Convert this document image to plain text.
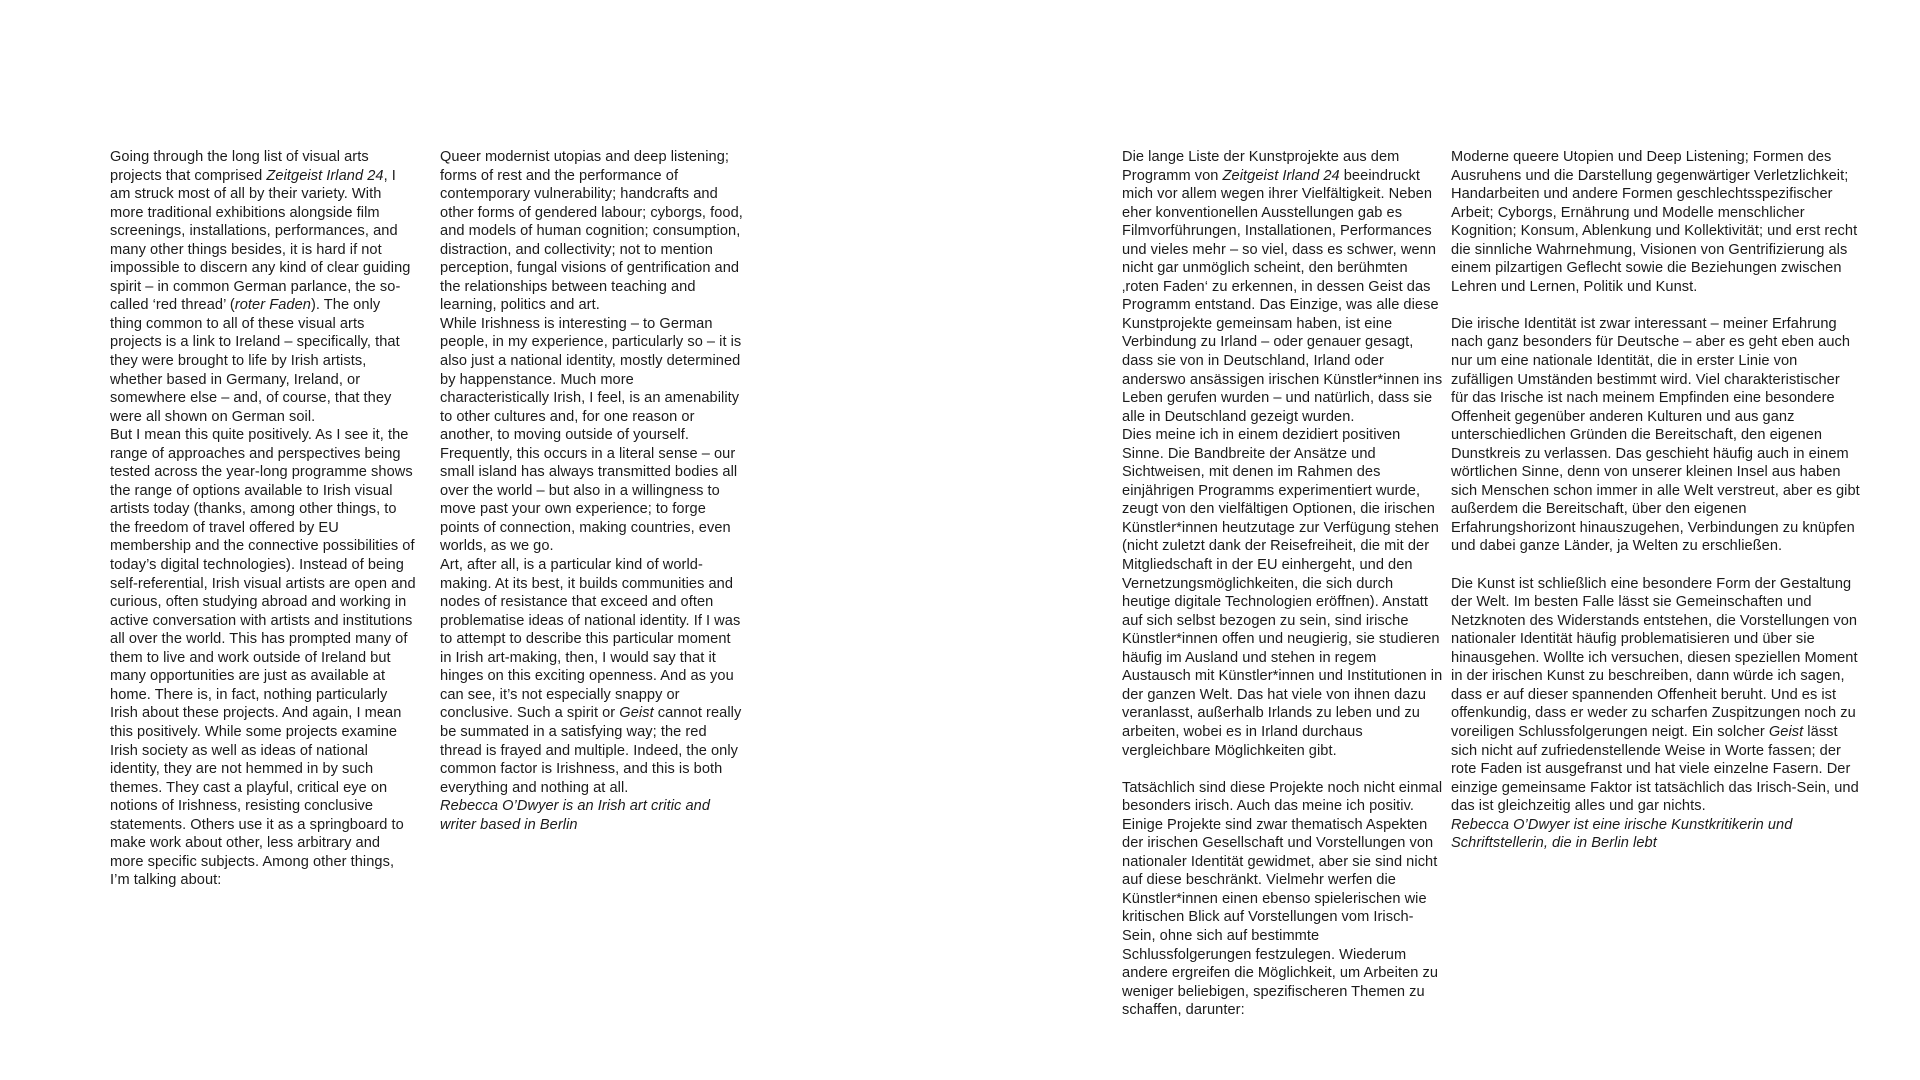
Going through the long list of visual arts projects that comprised Zeitgeist Irland 24, I am struck most of all by their variety. With more traditional exhibitions alongside film screenings, installations, performances, and many other things besides, it is hard if not impossible to discern any kind of clear guiding spirit – in common German parlance, the so-called ‘red thread’ (roter Faden). The only thing common to all of these visual arts projects is a link to Ireland – specifically, that they were brought to life by Irish artists, whether based in Germany, Ireland, or somewhere else – and, of course, that they were all shown on German soil.

But I mean this quite positively. As I see it, the range of approaches and perspectives being tested across the year-long programme shows the range of options available to Irish visual artists today (thanks, among other things, to the freedom of travel offered by EU membership and the connective possibilities of today’s digital technologies). Instead of being self-referential, Irish visual artists are open and curious, often studying abroad and working in active conversation with artists and institutions all over the world. This has prompted many of them to live and work outside of Ireland but many opportunities are just as available at home. There is, in fact, nothing particularly Irish about these projects. And again, I mean this positively. While some projects examine Irish society as well as ideas of national identity, they are not hemmed in by such themes. They cast a playful, critical eye on notions of Irishness, resisting conclusive statements. Others use it as a springboard to make work about other, less arbitrary and more specific subjects. Among other things, I’m talking about:

Queer modernist utopias and deep listening; forms of rest and the performance of contemporary vulnerability; handcrafts and other forms of gendered labour; cyborgs, food, and models of human cognition; consumption, distraction, and collectivity; not to mention perception, fungal visions of gentrification and the relationships between teaching and learning, politics and art.

While Irishness is interesting – to German people, in my experience, particularly so – it is also just a national identity, mostly determined by happenstance. Much more characteristically Irish, I feel, is an amenability to other cultures and, for one reason or another, to moving outside of yourself. Frequently, this occurs in a literal sense – our small island has always transmitted bodies all over the world – but also in a willingness to move past your own experience; to forge points of connection, making countries, even worlds, as we go.

Art, after all, is a particular kind of world-making. At its best, it builds communities and nodes of resistance that exceed and often problematise ideas of national identity. If I was to attempt to describe this particular moment in Irish art-making, then, I would say that it hinges on this exciting openness. And as you can see, it’s not especially snappy or conclusive. Such a spirit or Geist cannot really be summated in a satisfying way; the red thread is frayed and multiple. Indeed, the only common factor is Irishness, and this is both everything and nothing at all.

Rebecca O’Dwyer is an Irish art critic and writer based in Berlin

Die lange Liste der Kunstprojekte aus dem Programm von Zeitgeist Irland 24 beeindruckt mich vor allem wegen ihrer Vielfältigkeit. Neben eher konventionellen Ausstellungen gab es Filmvorführungen, Installationen, Performances und vieles mehr – so viel, dass es schwer, wenn nicht gar unmöglich scheint, den berühmten ‚roten Faden‘ zu erkennen, in dessen Geist das Programm entstand. Das Einzige, was alle diese Kunstprojekte gemeinsam haben, ist eine Verbindung zu Irland – oder genauer gesagt, dass sie von in Deutschland, Irland oder anderswo ansässigen irischen Künstler*innen ins Leben gerufen wurden – und natürlich, dass sie alle in Deutschland gezeigt wurden.

Dies meine ich in einem dezidiert positiven Sinne. Die Bandbreite der Ansätze und Sichtweisen, mit denen im Rahmen des einjährigen Programms experimentiert wurde, zeugt von den vielfältigen Optionen, die irischen Künstler*innen heutzutage zur Verfügung stehen (nicht zuletzt dank der Reisefreiheit, die mit der Mitgliedschaft in der EU einhergeht, und den Vernetzungsmöglichkeiten, die sich durch heutige digitale Technologien eröffnen). Anstatt auf sich selbst bezogen zu sein, sind irische Künstler*innen offen und neugierig, sie studieren häufig im Ausland und stehen in regem Austausch mit Künstler*innen und Institutionen in der ganzen Welt. Das hat viele von ihnen dazu veranlasst, außerhalb Irlands zu leben und zu arbeiten, wobei es in Irland durchaus vergleichbare Möglichkeiten gibt.

Tatsächlich sind diese Projekte noch nicht einmal besonders irisch. Auch das meine ich positiv. Einige Projekte sind zwar thematisch Aspekten der irischen Gesellschaft und Vorstellungen von nationaler Identität gewidmet, aber sie sind nicht auf diese beschränkt. Vielmehr werfen die Künstler*innen einen ebenso spielerischen wie kritischen Blick auf Vorstellungen vom Irisch-Sein, ohne sich auf bestimmte Schlussfolgerungen festzulegen. Wiederum andere ergreifen die Möglichkeit, um Arbeiten zu weniger beliebigen, spezifischeren Themen zu schaffen, darunter:

Moderne queere Utopien und Deep Listening; Formen des Ausruhens und die Darstellung gegenwärtiger Verletzlichkeit; Handarbeiten und andere Formen geschlechtsspezifischer Arbeit; Cyborgs, Ernährung und Modelle menschlicher Kognition; Konsum, Ablenkung und Kollektivität; und erst recht die sinnliche Wahrnehmung, Visionen von Gentrifizierung als einem pilzartigen Geflecht sowie die Beziehungen zwischen Lehren und Lernen, Politik und Kunst.

Die irische Identität ist zwar interessant – meiner Erfahrung nach ganz besonders für Deutsche – aber es geht eben auch nur um eine nationale Identität, die in erster Linie von zufälligen Umständen bestimmt wird. Viel charakteristischer für das Irische ist nach meinem Empfinden eine besondere Offenheit gegenüber anderen Kulturen und aus ganz unterschiedlichen Gründen die Bereitschaft, den eigenen Dunstkreis zu verlassen. Das geschieht häufig auch in einem wörtlichen Sinne, denn von unserer kleinen Insel aus haben sich Menschen schon immer in alle Welt verstreut, aber es gibt außerdem die Bereitschaft, über den eigenen Erfahrungshorizont hinauszugehen, Verbindungen zu knüpfen und dabei ganze Länder, ja Welten zu erschließen.

Die Kunst ist schließlich eine besondere Form der Gestaltung der Welt. Im besten Falle lässt sie Gemeinschaften und Netzknoten des Widerstands entstehen, die Vorstellungen von nationaler Identität häufig problematisieren und über sie hinausgehen. Wollte ich versuchen, diesen speziellen Moment in der irischen Kunst zu beschreiben, dann würde ich sagen, dass er auf dieser spannenden Offenheit beruht. Und es ist offenkundig, dass er weder zu scharfen Zuspitzungen noch zu voreiligen Schlussfolgerungen neigt. Ein solcher Geist lässt sich nicht auf zufriedenstellende Weise in Worte fassen; der rote Faden ist ausgefranst und hat viele einzelne Fasern. Der einzige gemeinsame Faktor ist tatsächlich das Irisch-Sein, und das ist gleichzeitig alles und gar nichts.

Rebecca O’Dwyer ist eine irische Kunstkritikerin und Schriftstellerin, die in Berlin lebt
